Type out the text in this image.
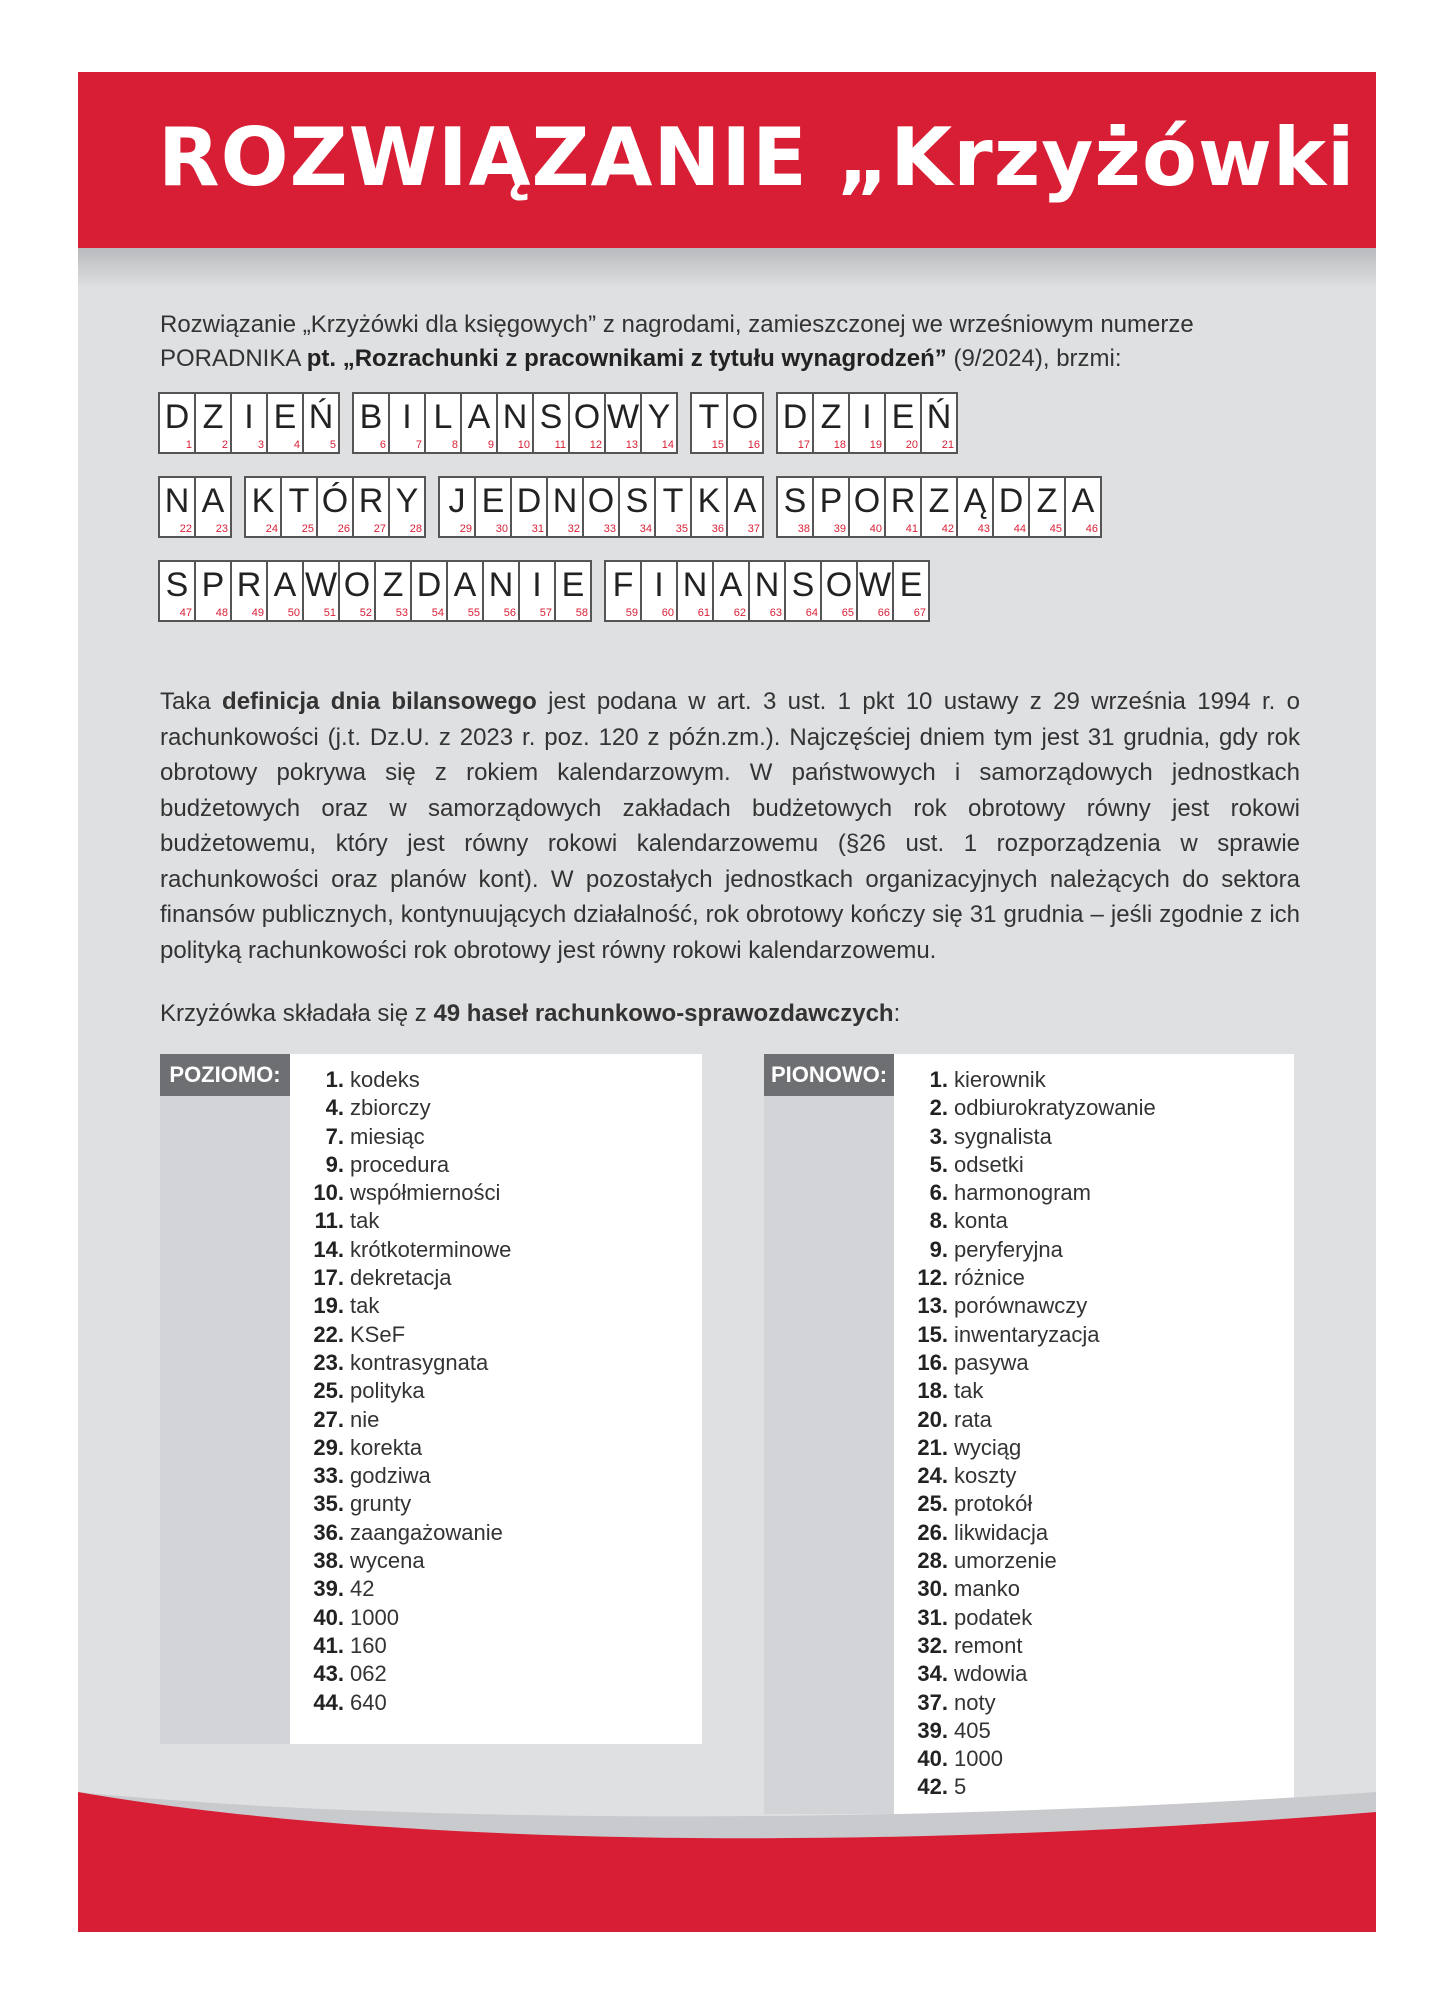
ROZWIĄZANIE „Krzyżówki
Rozwiązanie „Krzyżówki dla księgowych” z nagrodami, zamieszczonej we wrześniowym numerze
PORADNIKA pt. „Rozrachunki z pracownikami z tytułu wynagrodzeń” (9/2024), brzmi:
D
1
Z
2
I
3
E
4
Ń
5
B
6
I
7
L
8
A
9
N
10
S
11
O
12
W
13
Y
14
T
15
O
16
D
17
Z
18
I
19
E
20
Ń
21
N
22
A
23
K
24
T
25
Ó
26
R
27
Y
28
J
29
E
30
D
31
N
32
O
33
S
34
T
35
K
36
A
37
S
38
P
39
O
40
R
41
Z
42
Ą
43
D
44
Z
45
A
46
S
47
P
48
R
49
A
50
W
51
O
52
Z
53
D
54
A
55
N
56
I
57
E
58
F
59
I
60
N
61
A
62
N
63
S
64
O
65
W
66
E
67

Taka definicja dnia bilansowego jest podana w art. 3 ust. 1 pkt 10 ustawy z 29 września 1994 r. o rachunkowości (j.t. Dz.U. z 2023 r. poz. 120 z późn.zm.). Najczęściej dniem tym jest 31 grudnia, gdy rok obrotowy pokrywa się z rokiem kalendarzowym. W państwowych i samorządowych jednostkach budżetowych oraz w samorządowych zakładach budżetowych rok obrotowy równy jest rokowi budżetowemu, który jest równy rokowi kalendarzowemu (§26 ust. 1 rozporządzenia w sprawie rachunkowości oraz planów kont). W pozostałych jednostkach organizacyjnych należących do sektora finansów publicznych, kontynuujących działalność, rok obrotowy kończy się 31 grudnia – jeśli zgodnie z ich polityką rachunkowości rok obrotowy jest równy rokowi kalendarzowemu.

Krzyżówka składała się z 49 haseł rachunkowo-sprawozdawczych:

POZIOMO:	1. kodeks
4. zbiorczy
7. miesiąc
9. procedura
10. współmierności
11. tak
14. krótkoterminowe
17. dekretacja
19. tak
22. KSeF
23. kontrasygnata
25. polityka
27. nie
29. korekta
33. godziwa
35. grunty
36. zaangażowanie
38. wycena
39. 42
40. 1000
41. 160
43. 062
44. 640
PIONOWO:	1. kierownik
2. odbiurokratyzowanie
3. sygnalista
5. odsetki
6. harmonogram
8. konta
9. peryferyjna
12. różnice
13. porównawczy
15. inwentaryzacja
16. pasywa
18. tak
20. rata
21. wyciąg
24. koszty
25. protokół
26. likwidacja
28. umorzenie
30. manko
31. podatek
32. remont
34. wdowia
37. noty
39. 405
40. 1000
42. 5
